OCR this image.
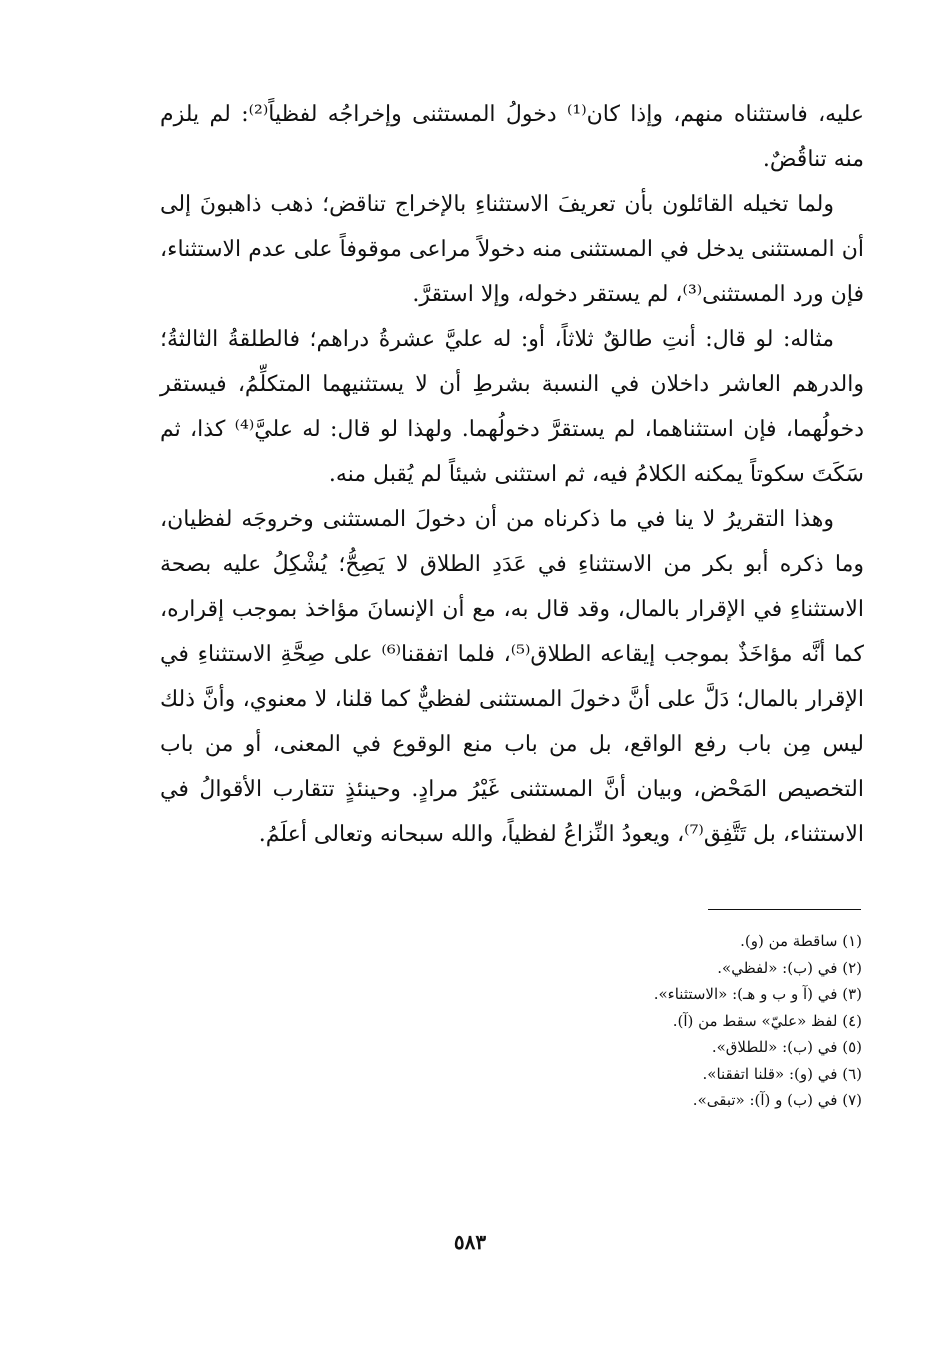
عليه، فاستثناه منهم، وإذا كان⁽¹⁾ دخولُ المستثنى وإخراجُه لفظياً⁽²⁾: لم يلزم منه تناقُضٌ.

ولما تخيله القائلون بأن تعريفَ الاستثناءِ بالإخراج تناقض؛ ذهب ذاهبونَ إلى أن المستثنى يدخل في المستثنى منه دخولاً مراعى موقوفاً على عدم الاستثناء، فإن ورد المستثنى⁽³⁾، لم يستقر دخوله، وإلا استقرَّ.

مثاله: لو قال: أنتِ طالقٌ ثلاثاً، أو: له عليَّ عشرةُ دراهم؛ فالطلقةُ الثالثةُ؛ والدرهم العاشر داخلان في النسبة بشرطِ أن لا يستثنيهما المتكلِّمُ، فيستقر دخولُهما، فإن استثناهما، لم يستقرَّ دخولُهما. ولهذا لو قال: له عليَّ⁽⁴⁾ كذا، ثم سَكَتَ سكوتاً يمكنه الكلامُ فيه، ثم استثنى شيئاً لم يُقبل منه.

وهذا التقريرُ لا ينا في ما ذكرناه من أن دخولَ المستثنى وخروجَه لفظيان، وما ذكره أبو بكر من الاستثناءِ في عَدَدِ الطلاق لا يَصِحُّ؛ يُشْكِلُ عليه بصحة الاستثناءِ في الإقرار بالمال، وقد قال به، مع أن الإنسانَ مؤاخذ بموجب إقراره، كما أنَّه مؤاخَذٌ بموجب إيقاعه الطلاق⁽⁵⁾، فلما اتفقنا⁽⁶⁾ على صِحَّةِ الاستثناءِ في الإقرار بالمال؛ دَلَّ على أنَّ دخولَ المستثنى لفظيٌّ كما قلنا، لا معنوي، وأنَّ ذلك ليس مِن باب رفع الواقع، بل من باب منع الوقوع في المعنى، أو من باب التخصيص المَحْض، وبيان أنَّ المستثنى غَيْرُ مرادٍ. وحينئذٍ تتقارب الأقوالُ في الاستثناء، بل تَتَّفِق⁽⁷⁾، ويعودُ النِّزاعُ لفظياً، والله سبحانه وتعالى أعلَمُ.

(١) ساقطة من (و).
(٢) في (ب): «لفظي».
(٣) في (آ و ب و هـ): «الاستثناء».
(٤) لفظ «عليّ» سقط من (آ).
(٥) في (ب): «للطلاق».
(٦) في (و): «قلنا اتفقنا».
(٧) في (ب) و (آ): «تبقى».
٥٨٣
